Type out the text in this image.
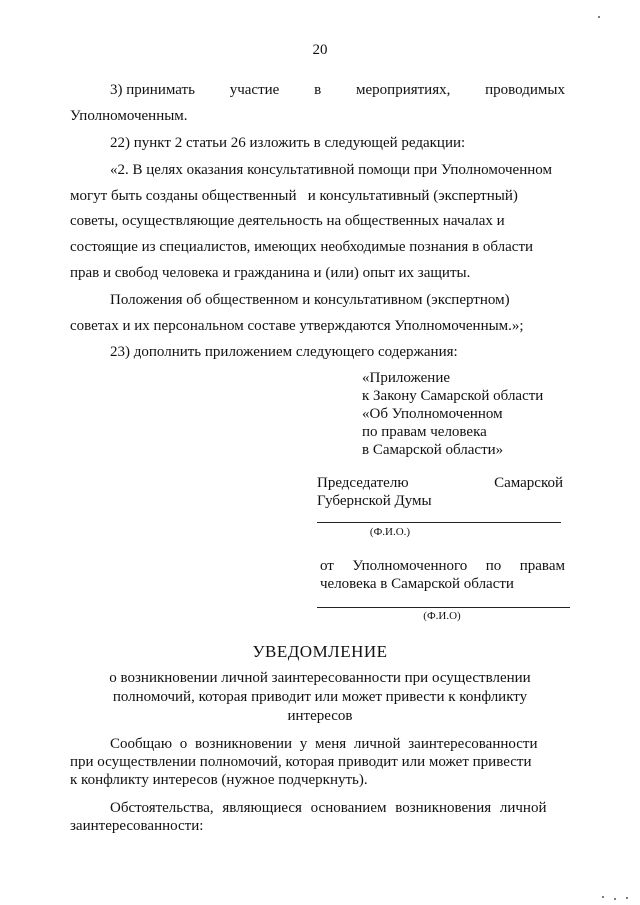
20
3) принимать участие в мероприятиях, проводимых
Уполномоченным.
22) пункт 2 статьи 26 изложить в следующей редакции:
«2. В целях оказания консультативной помощи при Уполномоченном
могут быть созданы общественный   и консультативный (экспертный)
советы, осуществляющие деятельность на общественных началах и
состоящие из специалистов, имеющих необходимые познания в области
прав и свобод человека и гражданина и (или) опыт их защиты.
Положения об общественном и консультативном (экспертном)
советах и их персональном составе утверждаются Уполномоченным.»;
23) дополнить приложением следующего содержания:
«Приложение
к Закону Самарской области
«Об Уполномоченном
по правам человека
в Самарской области»
Председателю	Самарской
Губернской Думы
(Ф.И.О.)
от Уполномоченного по правам
человека в Самарской области
(Ф.И.О)
УВЕДОМЛЕНИЕ
о возникновении личной заинтересованности при осуществлении
полномочий, которая приводит или может привести к конфликту
интересов
Сообщаю о возникновении у меня личной заинтересованности
при осуществлении полномочий, которая приводит или может привести
к конфликту интересов (нужное подчеркнуть).
Обстоятельства, являющиеся основанием возникновения личной
заинтересованности:
